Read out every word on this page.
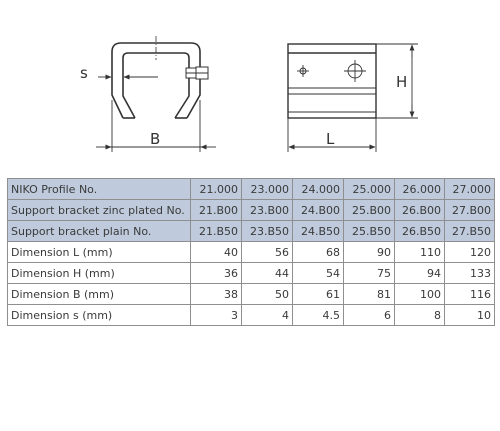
s
B
H
L
NIKO Profile No.	21.000	23.000	24.000	25.000	26.000	27.000
Support bracket zinc plated No.	21.B00	23.B00	24.B00	25.B00	26.B00	27.B00
Support bracket plain No.	21.B50	23.B50	24.B50	25.B50	26.B50	27.B50
Dimension L (mm)	40	56	68	90	110	120
Dimension H (mm)	36	44	54	75	94	133
Dimension B (mm)	38	50	61	81	100	116
Dimension s (mm)	3	4	4.5	6	8	10
